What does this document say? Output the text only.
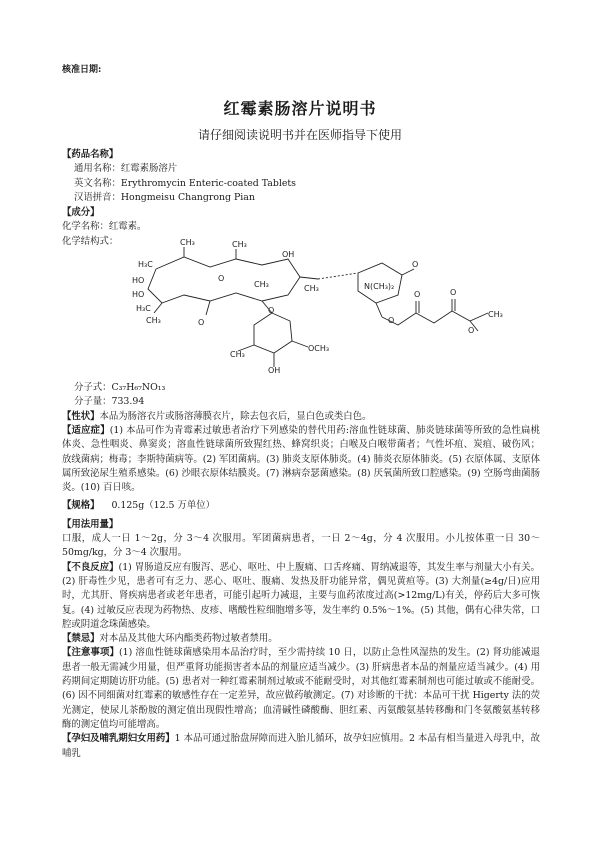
核准日期:
红霉素肠溶片说明书
请仔细阅读说明书并在医师指导下使用
【药品名称】
通用名称：红霉素肠溶片
英文名称：Erythromycin Enteric-coated Tablets
汉语拼音：Hongmeisu Changrong Pian
【成分】
化学名称：红霉素。
化学结构式：
H₃C
HO
HO
H₃C
CH₃	CH₃
OH
CH₃
O
CH₃
O
CH₃
N(CH₃)₂
O
O
O	O
O
CH₃
O
CH₃
OCH₃
OH
分子式：C₃₇H₆₇NO₁₃
分子量：733.94
【性状】本品为肠溶衣片或肠溶薄膜衣片，除去包衣后，显白色或类白色。
【适应症】(1) 本品可作为青霉素过敏患者治疗下列感染的替代用药:溶血性链球菌、肺炎链球菌等所致的急性扁桃体炎、急性咽炎、鼻窦炎；溶血性链球菌所致猩红热、蜂窝织炎；白喉及白喉带菌者；气性坏疽、炭疽、破伤风；放线菌病；梅毒；李斯特菌病等。(2) 军团菌病。(3) 肺炎支原体肺炎。(4) 肺炎衣原体肺炎。(5) 衣原体属、支原体属所致泌尿生殖系感染。(6) 沙眼衣原体结膜炎。(7) 淋病奈瑟菌感染。(8) 厌氧菌所致口腔感染。(9) 空肠弯曲菌肠炎。(10) 百日咳。
【规格】 0.125g（12.5 万单位）
【用法用量】
口服，成人一日 1～2g，分 3～4 次服用。军团菌病患者，一日 2～4g，分 4 次服用。小儿按体重一日 30～50mg/kg，分 3～4 次服用。
【不良反应】(1) 胃肠道反应有腹泻、恶心、呕吐、中上腹痛、口舌疼痛、胃纳减退等，其发生率与剂量大小有关。(2) 肝毒性少见，患者可有乏力、恶心、呕吐、腹痛、发热及肝功能异常，偶见黄疸等。(3) 大剂量(≥4g/日)应用时，尤其肝、肾疾病患者或老年患者，可能引起听力减退，主要与血药浓度过高(>12mg/L)有关，停药后大多可恢复。(4) 过敏反应表现为药物热、皮疹、嗜酸性粒细胞增多等，发生率约 0.5%～1%。(5) 其他，偶有心律失常，口腔或阴道念珠菌感染。
【禁忌】对本品及其他大环内酯类药物过敏者禁用。
【注意事项】(1) 溶血性链球菌感染用本品治疗时，至少需持续 10 日，以防止急性风湿热的发生。(2) 肾功能减退患者一般无需减少用量，但严重肾功能损害者本品的剂量应适当减少。(3) 肝病患者本品的剂量应适当减少。(4) 用药期间定期随访肝功能。(5) 患者对一种红霉素制剂过敏或不能耐受时，对其他红霉素制剂也可能过敏或不能耐受。(6) 因不同细菌对红霉素的敏感性存在一定差异，故应做药敏测定。(7) 对诊断的干扰：本品可干扰 Higerty 法的荧光测定，使尿儿茶酚胺的测定值出现假性增高；血清碱性磷酸酶、胆红素、丙氨酸氨基转移酶和门冬氨酸氨基转移酶的测定值均可能增高。
【孕妇及哺乳期妇女用药】1 本品可通过胎盘屏障而进入胎儿循环，故孕妇应慎用。2 本品有相当量进入母乳中，故哺乳
